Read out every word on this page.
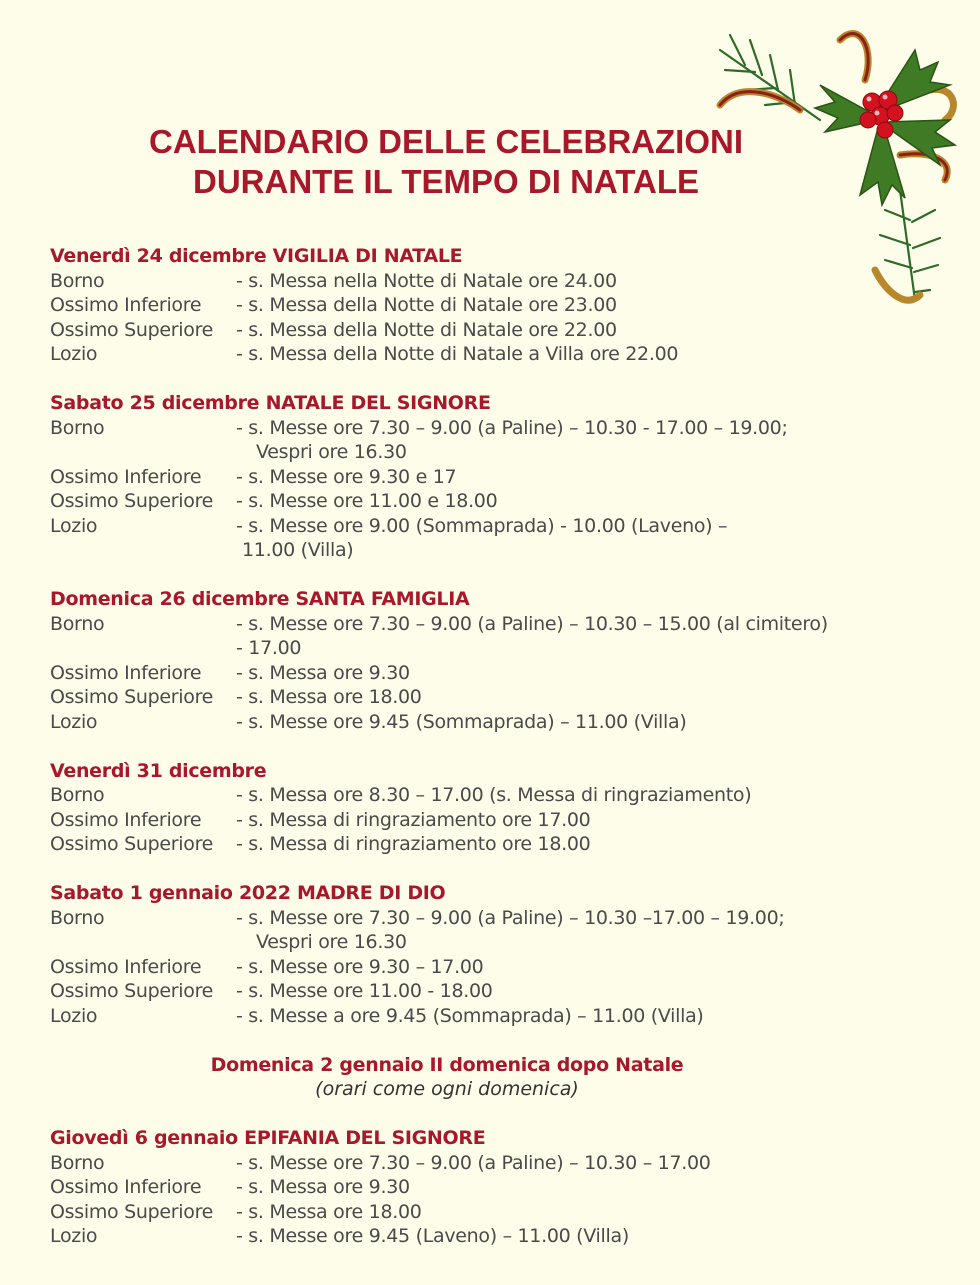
CALENDARIO DELLE CELEBRAZIONI
DURANTE IL TEMPO DI NATALE
Venerdì 24 dicembre VIGILIA DI NATALE
Borno	- s. Messa nella Notte di Natale ore 24.00
Ossimo Inferiore	- s. Messa della Notte di Natale ore 23.00
Ossimo Superiore	- s. Messa della Notte di Natale ore 22.00
Lozio	- s. Messa della Notte di Natale a Villa ore 22.00
Sabato 25 dicembre NATALE DEL SIGNORE
Borno	- s. Messe ore 7.30 – 9.00 (a Paline) – 10.30 - 17.00 – 19.00;
Vespri ore 16.30
Ossimo Inferiore	- s. Messe ore 9.30 e 17
Ossimo Superiore	- s. Messe ore 11.00 e 18.00
Lozio	- s. Messe ore 9.00 (Sommaprada) - 10.00 (Laveno) –
11.00 (Villa)
Domenica 26 dicembre SANTA FAMIGLIA
Borno	- s. Messe ore 7.30 – 9.00 (a Paline) – 10.30 – 15.00 (al cimitero)
- 17.00
Ossimo Inferiore	- s. Messa ore 9.30
Ossimo Superiore	- s. Messa ore 18.00
Lozio	- s. Messe ore 9.45 (Sommaprada) – 11.00 (Villa)
Venerdì 31 dicembre
Borno	- s. Messa ore 8.30 – 17.00 (s. Messa di ringraziamento)
Ossimo Inferiore	- s. Messa di ringraziamento ore 17.00
Ossimo Superiore	- s. Messa di ringraziamento ore 18.00
Sabato 1 gennaio 2022 MADRE DI DIO
Borno	- s. Messe ore 7.30 – 9.00 (a Paline) – 10.30 –17.00 – 19.00;
Vespri ore 16.30
Ossimo Inferiore	- s. Messe ore 9.30 – 17.00
Ossimo Superiore	- s. Messe ore 11.00 - 18.00
Lozio	- s. Messe a ore 9.45 (Sommaprada) – 11.00 (Villa)
Domenica 2 gennaio II domenica dopo Natale
(orari come ogni domenica)
Giovedì 6 gennaio EPIFANIA DEL SIGNORE
Borno	- s. Messe ore 7.30 – 9.00 (a Paline) – 10.30 – 17.00
Ossimo Inferiore	- s. Messa ore 9.30
Ossimo Superiore	- s. Messa ore 18.00
Lozio	- s. Messe ore 9.45 (Laveno) – 11.00 (Villa)
